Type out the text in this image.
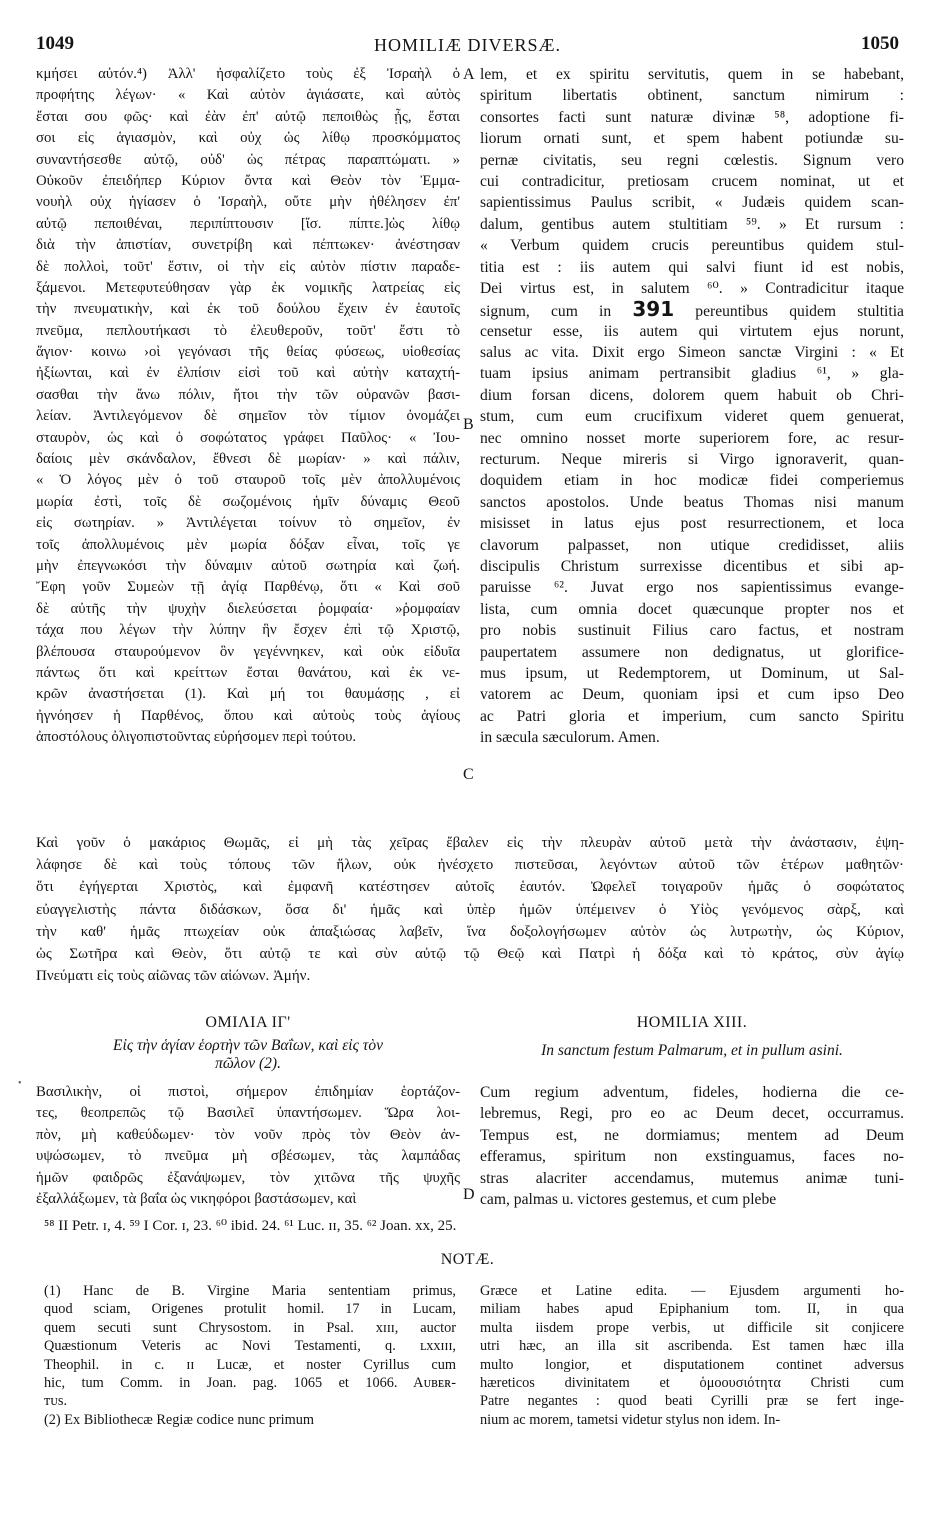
1049	HOMILIÆ DIVERSÆ.	1050
κμήσει αὐτόν.⁴) Ἀλλ' ἠσφαλίζετο τοὺς ἐξ Ἰσραὴλ ὁ
προφήτης λέγων· « Καὶ αὐτὸν ἁγιάσατε, καὶ αὐτὸς
ἔσται σου φῶς· καὶ ἐὰν ἐπ' αὐτῷ πεποιθὼς ᾖς, ἔσται
σοι εἰς ἁγιασμὸν, καὶ οὐχ ὡς λίθῳ προσκόμματος
συναντήσεσθε αὐτῷ, οὐδ' ὡς πέτρας παραπτώματι. »
Οὐκοῦν ἐπειδήπερ Κύριον ὄντα καὶ Θεὸν τὸν Ἐμμα-
νουὴλ οὐχ ἡγίασεν ὁ Ἰσραὴλ, οὔτε μὴν ἠθέλησεν ἐπ'
αὐτῷ πεποιθέναι, περιπίπτουσιν [ἴσ. πίπτε.]ὡς λίθῳ
διὰ τὴν ἀπιστίαν, συνετρίβη καὶ πέπτωκεν· ἀνέστησαν
δὲ πολλοὶ, τοῦτ' ἔστιν, οἱ τὴν εἰς αὐτὸν πίστιν παραδε-
ξάμενοι. Μετεφυτεύθησαν γὰρ ἐκ νομικῆς λατρείας εἰς
τὴν πνευματικὴν, καὶ ἐκ τοῦ δούλου ἔχειν ἐν ἑαυτοῖς
πνεῦμα, πεπλουτήκασι τὸ ἐλευθεροῦν, τοῦτ' ἔστι τὸ
ἅγιον· κοινω ›οὶ γεγόνασι τῆς θείας φύσεως, υἱοθεσίας
ἠξίωνται, καὶ ἐν ἐλπίσιν εἰσὶ τοῦ καὶ αὐτὴν καταχτή-
σασθαι τὴν ἄνω πόλιν, ἤτοι τὴν τῶν οὐρανῶν βασι-
λείαν. Ἀντιλεγόμενον δὲ σημεῖον τὸν τίμιον ὀνομάζει
σταυρὸν, ὡς καὶ ὁ σοφώτατος γράφει Παῦλος· « Ἰου-
δαίοις μὲν σκάνδαλον, ἔθνεσι δὲ μωρίαν· » καὶ πάλιν,
« Ὁ λόγος μὲν ὁ τοῦ σταυροῦ τοῖς μὲν ἀπολλυμένοις
μωρία ἐστὶ, τοῖς δὲ σωζομένοις ἡμῖν δύναμις Θεοῦ
εἰς σωτηρίαν. » Ἀντιλέγεται τοίνυν τὸ σημεῖον, ἐν
τοῖς ἀπολλυμένοις μὲν μωρία δόξαν εἶναι, τοῖς γε
μὴν ἐπεγνωκόσι τὴν δύναμιν αὐτοῦ σωτηρία καὶ ζωή.
Ἔφη γοῦν Συμεὼν τῇ ἁγίᾳ Παρθένῳ, ὅτι « Καὶ σοῦ
δὲ αὐτῆς τὴν ψυχὴν διελεύσεται ῥομφαία· »ῥομφαίαν
τάχα που λέγων τὴν λύπην ἣν ἔσχεν ἐπὶ τῷ Χριστῷ,
βλέπουσα σταυρούμενον ὃν γεγέννηκεν, καὶ οὐκ εἰδυῖα
πάντως ὅτι καὶ κρείττων ἔσται θανάτου, καὶ ἐκ νε-
κρῶν ἀναστήσεται (1). Καὶ μή τοι θαυμάσῃς , εἰ
ἠγνόησεν ἡ Παρθένος, ὅπου καὶ αὐτοὺς τοὺς ἁγίους
ἀποστόλους ὀλιγοπιστοῦντας εὑρήσομεν περὶ τούτου.
lem, et ex spiritu servitutis, quem in se habebant,
spiritum libertatis obtinent, sanctum nimirum :
consortes facti sunt naturæ divinæ ⁵⁸, adoptione fi-
liorum ornati sunt, et spem habent potiundæ su-
pernæ civitatis, seu regni cœlestis. Signum vero
cui contradicitur, pretiosam crucem nominat, ut et
sapientissimus Paulus scribit, « Judæis quidem scan-
dalum, gentibus autem stultitiam ⁵⁹. » Et rursum :
« Verbum quidem crucis pereuntibus quidem stul-
titia est : iis autem qui salvi fiunt id est nobis,
Dei virtus est, in salutem ⁶⁰. » Contradicitur itaque
signum, cum in 391 pereuntibus quidem stultitia
censetur esse, iis autem qui virtutem ejus norunt,
salus ac vita. Dixit ergo Simeon sanctæ Virgini : « Et
tuam ipsius animam pertransibit gladius ⁶¹, » gla-
dium forsan dicens, dolorem quem habuit ob Chri-
stum, cum eum crucifixum videret quem genuerat,
nec omnino nosset morte superiorem fore, ac resur-
recturum. Neque mireris si Virgo ignoraverit, quan-
doquidem etiam in hoc modicæ fidei comperiemus
sanctos apostolos. Unde beatus Thomas nisi manum
misisset in latus ejus post resurrectionem, et loca
clavorum palpasset, non utique credidisset, aliis
discipulis Christum surrexisse dicentibus et sibi ap-
paruisse ⁶². Juvat ergo nos sapientissimus evange-
lista, cum omnia docet quæcunque propter nos et
pro nobis sustinuit Filius caro factus, et nostram
paupertatem assumere non dedignatus, ut glorifice-
mus ipsum, ut Redemptorem, ut Dominum, ut Sal-
vatorem ac Deum, quoniam ipsi et cum ipso Deo
ac Patri gloria et imperium, cum sancto Spiritu
in sæcula sæculorum. Amen.
A
B
C
D
Καὶ γοῦν ὁ μακάριος Θωμᾶς, εἰ μὴ τὰς χεῖρας ἔβαλεν εἰς τὴν πλευρὰν αὐτοῦ μετὰ τὴν ἀνάστασιν, ἐψη-
λάφησε δὲ καὶ τοὺς τόπους τῶν ἥλων, οὐκ ἠνέσχετο πιστεῦσαι, λεγόντων αὐτοῦ τῶν ἑτέρων μαθητῶν·
ὅτι ἐγήγερται Χριστὸς, καὶ ἐμφανῆ κατέστησεν αὐτοῖς ἑαυτόν. Ὠφελεῖ τοιγαροῦν ἡμᾶς ὁ σοφώτατος
εὐαγγελιστὴς πάντα διδάσκων, ὅσα δι' ἡμᾶς καὶ ὑπὲρ ἡμῶν ὑπέμεινεν ὁ Υἱὸς γενόμενος σὰρξ, καὶ
τὴν καθ' ἡμᾶς πτωχείαν οὐκ ἀπαξιώσας λαβεῖν, ἵνα δοξολογήσωμεν αὐτὸν ὡς λυτρωτὴν, ὡς Κύριον,
ὡς Σωτῆρα καὶ Θεὸν, ὅτι αὐτῷ τε καὶ σὺν αὐτῷ τῷ Θεῷ καὶ Πατρὶ ἡ δόξα καὶ τὸ κράτος, σὺν ἁγίῳ
Πνεύματι εἰς τοὺς αἰῶνας τῶν αἰώνων. Ἀμήν.
ΟΜΙΛΙΑ ΙΓ'
Εἰς τὴν ἁγίαν ἑορτὴν τῶν Βαΐων, καὶ εἰς τὸν
πῶλον (2).
•
HOMILIA XIII.
In sanctum festum Palmarum, et in pullum asini.
Βασιλικὴν, οἱ πιστοὶ, σήμερον ἐπιδημίαν ἑορτάζον-
τες, θεοπρεπῶς τῷ Βασιλεῖ ὑπαντήσωμεν. Ὥρα λοι-
πὸν, μὴ καθεύδωμεν· τὸν νοῦν πρὸς τὸν Θεὸν ἀν-
υψώσωμεν, τὸ πνεῦμα μὴ σβέσωμεν, τὰς λαμπάδας
ἡμῶν φαιδρῶς ἐξανάψωμεν, τὸν χιτῶνα τῆς ψυχῆς
ἐξαλλάξωμεν, τὰ βαΐα ὡς νικηφόροι βαστάσωμεν, καὶ
Cum regium adventum, fideles, hodierna die ce-
lebremus, Regi, pro eo ac Deum decet, occurramus.
Tempus est, ne dormiamus; mentem ad Deum
efferamus, spiritum non exstinguamus, faces no-
stras alacriter accendamus, mutemus animæ tuni-
cam, palmas u. victores gestemus, et cum plebe
⁵⁸ II Petr. ɪ, 4. ⁵⁹ I Cor. ɪ, 23. ⁶⁰ ibid. 24. ⁶¹ Luc. ɪɪ, 35. ⁶² Joan. xx, 25.
NOTÆ.
(1) Hanc de B. Virgine Maria sententiam primus,
quod sciam, Origenes protulit homil. 17 in Lucam,
quem secuti sunt Chrysostom. in Psal. xɪɪɪ, auctor
Quæstionum Veteris ac Novi Testamenti, q. ʟxxɪɪɪ,
Theophil. in c. ɪɪ Lucæ, et noster Cyrillus cum
hic, tum Comm. in Joan. pag. 1065 et 1066. Aᴜʙᴇʀ-
ᴛᴜs.
(2) Ex Bibliothecæ Regiæ codice nunc primum
Græce et Latine edita. — Ejusdem argumenti ho-
miliam habes apud Epiphanium tom. II, in qua
multa iisdem prope verbis, ut difficile sit conjicere
utri hæc, an illa sit ascribenda. Est tamen hæc illa
multo longior, et disputationem continet adversus
hæreticos divinitatem et ὁμοουσιότητα Christi cum
Patre negantes : quod beati Cyrilli præ se fert inge-
nium ac morem, tametsi videtur stylus non idem. In-
